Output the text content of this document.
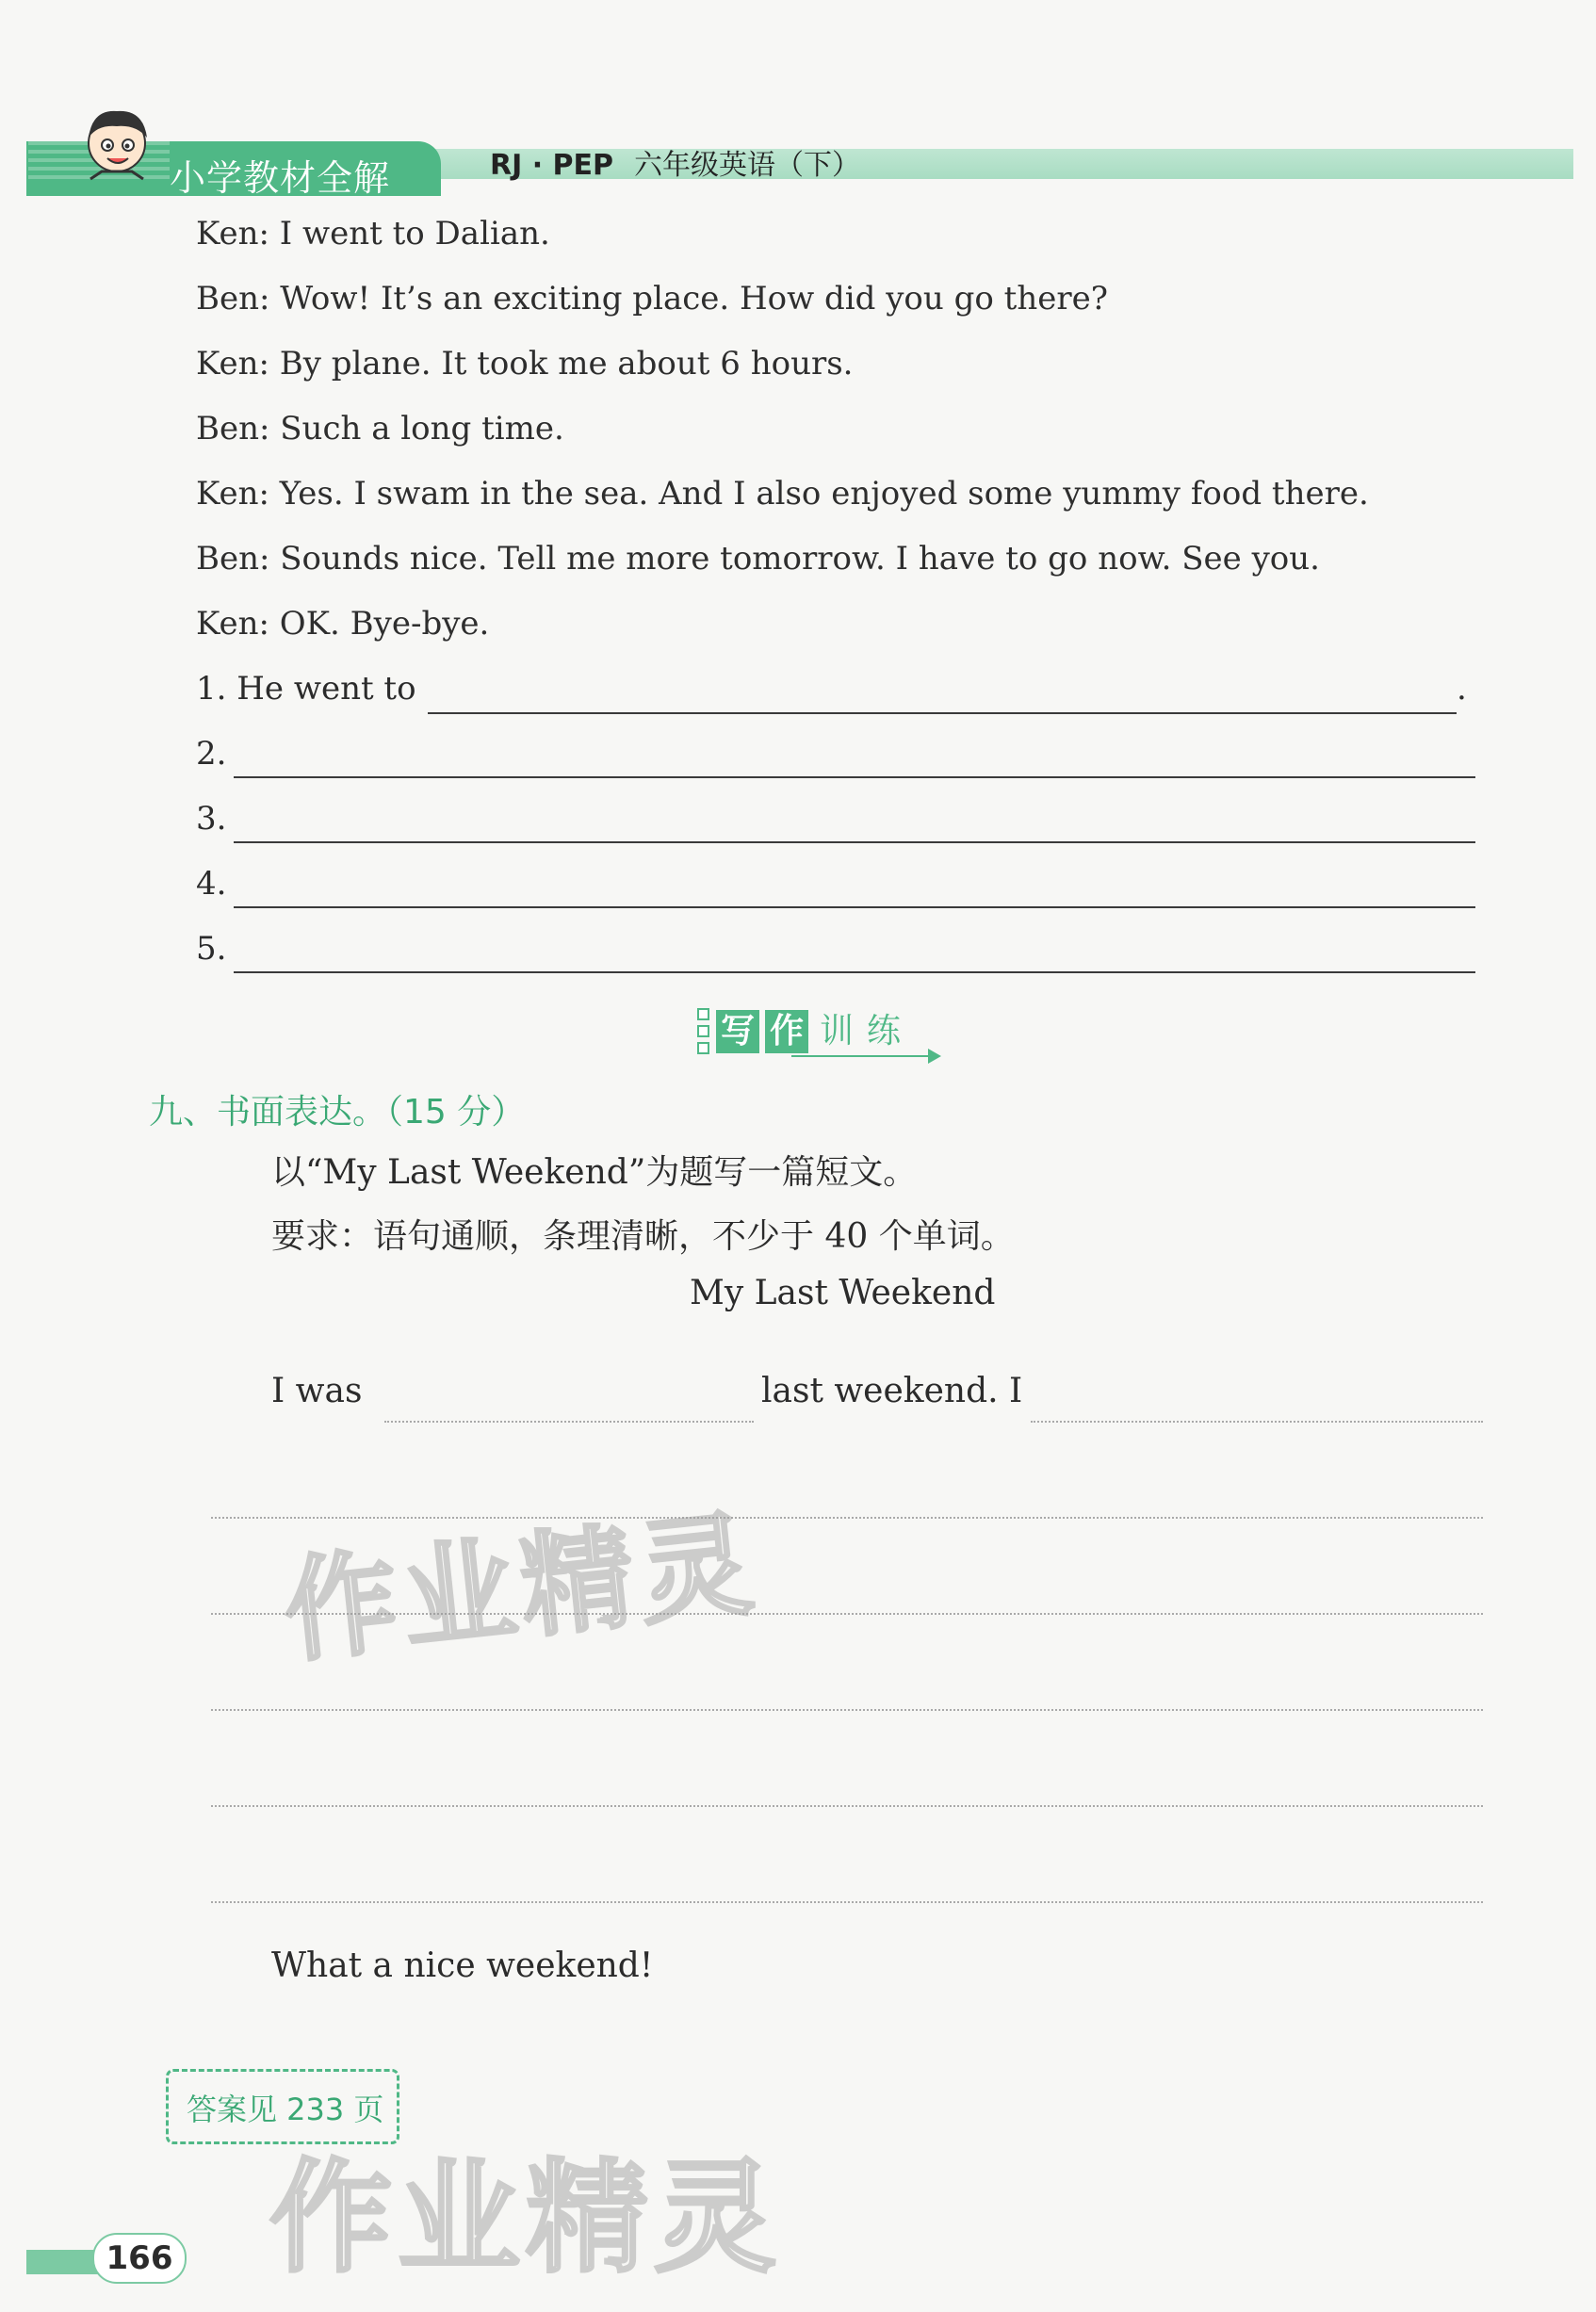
小学教材全解	RJ · PEP 六年级英语（下）
Ken: I went to Dalian.
Ben: Wow! It’s an exciting place. How did you go there?
Ken: By plane. It took me about 6 hours.
Ben: Such a long time.
Ken: Yes. I swam in the sea. And I also enjoyed some yummy food there.
Ben: Sounds nice. Tell me more tomorrow. I have to go now. See you.
Ken: OK. Bye-bye.
1. He went to	.
2.
3.
4.
5.
写 作 训 练
九、书面表达。（15 分）
以“My Last Weekend”为题写一篇短文。
要求：语句通顺，条理清晰，不少于 40 个单词。
My Last Weekend
I was	last weekend. I
What a nice weekend!
答案见 233 页
166
作业精灵
作业精灵
